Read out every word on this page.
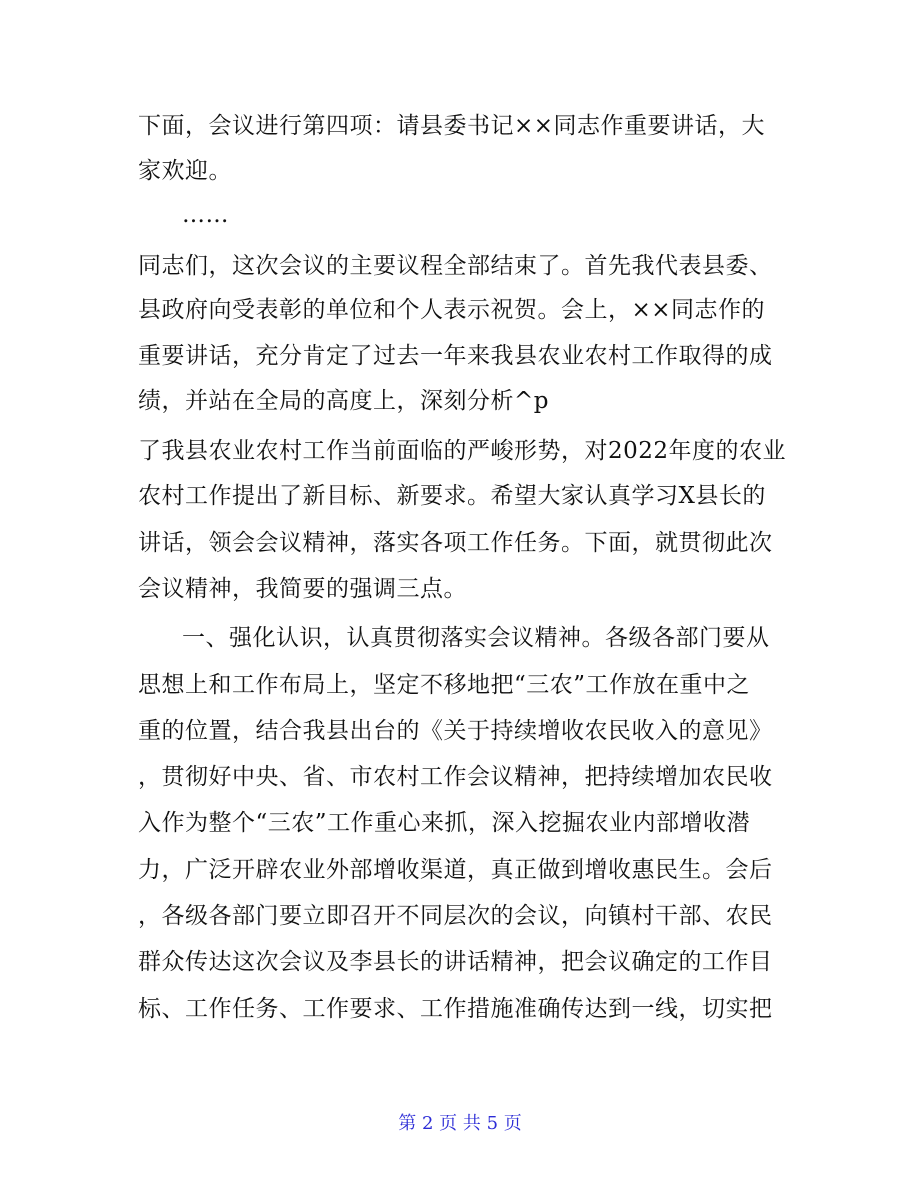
下面，会议进行第四项：请县委书记××同志作重要讲话，大
家欢迎。
……
同志们，这次会议的主要议程全部结束了。首先我代表县委、
县政府向受表彰的单位和个人表示祝贺。会上，××同志作的
重要讲话，充分肯定了过去一年来我县农业农村工作取得的成
绩，并站在全局的高度上，深刻分析^p
了我县农业农村工作当前面临的严峻形势，对2022年度的农业
农村工作提出了新目标、新要求。希望大家认真学习X县长的
讲话，领会会议精神，落实各项工作任务。下面，就贯彻此次
会议精神，我简要的强调三点。
一、强化认识，认真贯彻落实会议精神。各级各部门要从
思想上和工作布局上，坚定不移地把“三农”工作放在重中之
重的位置，结合我县出台的《关于持续增收农民收入的意见》
，贯彻好中央、省、市农村工作会议精神，把持续增加农民收
入作为整个“三农”工作重心来抓，深入挖掘农业内部增收潜
力，广泛开辟农业外部增收渠道，真正做到增收惠民生。会后
，各级各部门要立即召开不同层次的会议，向镇村干部、农民
群众传达这次会议及李县长的讲话精神，把会议确定的工作目
标、工作任务、工作要求、工作措施准确传达到一线，切实把
第 2 页 共 5 页
